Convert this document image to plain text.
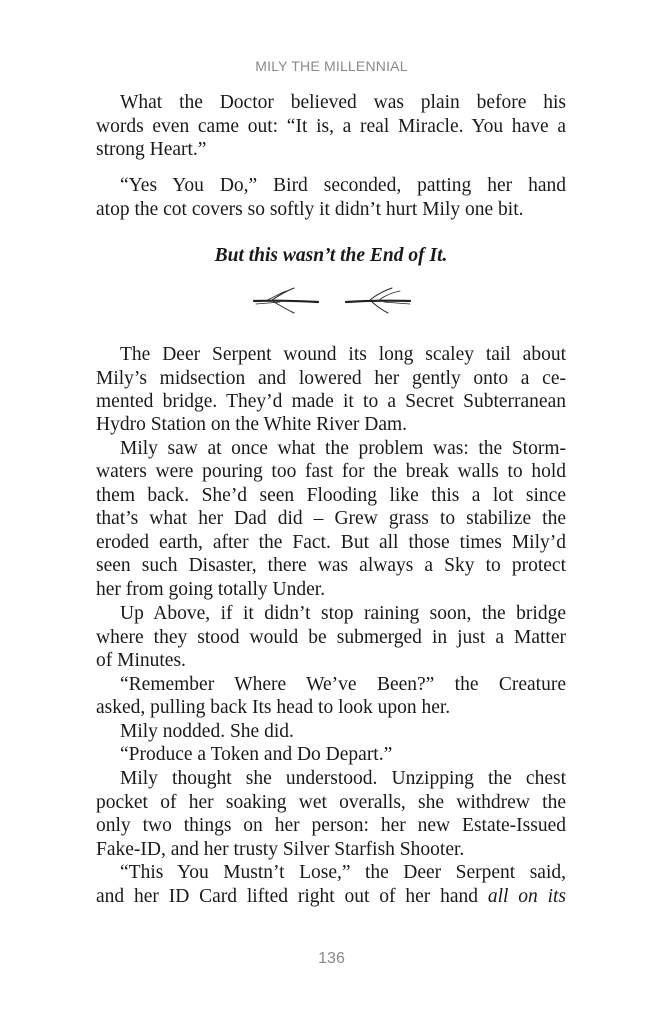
MILY THE MILLENNIAL
What the Doctor believed was plain before his
words even came out: “It is, a real Miracle. You have a
strong Heart.”
“Yes You Do,” Bird seconded, patting her hand
atop the cot covers so softly it didn’t hurt Mily one bit.
But this wasn’t the End of It.
The Deer Serpent wound its long scaley tail about
Mily’s midsection and lowered her gently onto a ce-
mented bridge. They’d made it to a Secret Subterranean
Hydro Station on the White River Dam.
Mily saw at once what the problem was: the Storm-
waters were pouring too fast for the break walls to hold
them back. She’d seen Flooding like this a lot since
that’s what her Dad did – Grew grass to stabilize the
eroded earth, after the Fact. But all those times Mily’d
seen such Disaster, there was always a Sky to protect
her from going totally Under.
Up Above, if it didn’t stop raining soon, the bridge
where they stood would be submerged in just a Matter
of Minutes.
“Remember Where We’ve Been?” the Creature
asked, pulling back Its head to look upon her.
Mily nodded. She did.
“Produce a Token and Do Depart.”
Mily thought she understood. Unzipping the chest
pocket of her soaking wet overalls, she withdrew the
only two things on her person: her new Estate-Issued
Fake-ID, and her trusty Silver Starfish Shooter.
“This You Mustn’t Lose,” the Deer Serpent said,
and her ID Card lifted right out of her hand all on its
136
